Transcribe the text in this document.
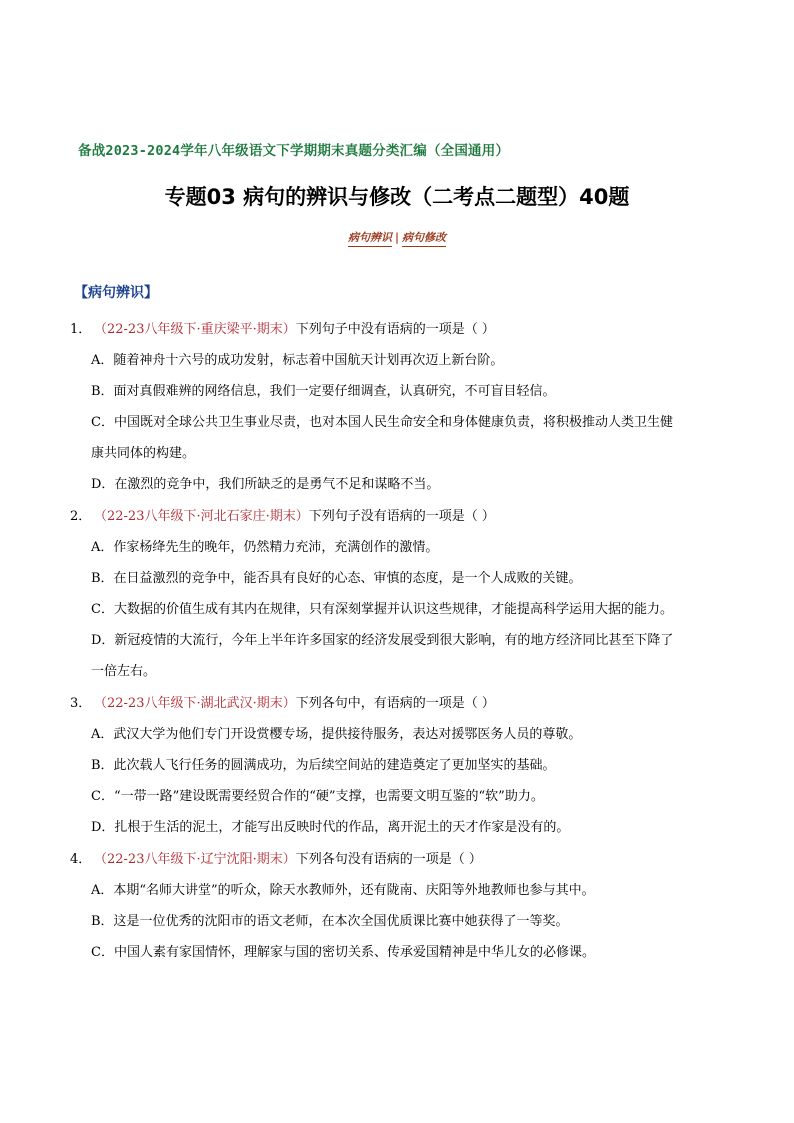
备战2023-2024学年八年级语文下学期期末真题分类汇编（全国通用）
专题03 病句的辨识与修改（二考点二题型）40题
病句辨识 | 病句修改
【病句辨识】
1． （22-23八年级下·重庆梁平·期末）下列句子中没有语病的一项是（ ）
A．随着神舟十六号的成功发射，标志着中国航天计划再次迈上新台阶。
B．面对真假难辨的网络信息，我们一定要仔细调查，认真研究，不可盲目轻信。
C．中国既对全球公共卫生事业尽责，也对本国人民生命安全和身体健康负责，将积极推动人类卫生健
康共同体的构建。
D．在激烈的竞争中，我们所缺乏的是勇气不足和谋略不当。
2． （22-23八年级下·河北石家庄·期末）下列句子没有语病的一项是（ ）
A．作家杨绛先生的晚年，仍然精力充沛，充满创作的激情。
B．在日益激烈的竞争中，能否具有良好的心态、审慎的态度，是一个人成败的关键。
C．大数据的价值生成有其内在规律，只有深刻掌握并认识这些规律，才能提高科学运用大据的能力。
D．新冠疫情的大流行，今年上半年许多国家的经济发展受到很大影响，有的地方经济同比甚至下降了
一倍左右。
3． （22-23八年级下·湖北武汉·期末）下列各句中，有语病的一项是（ ）
A．武汉大学为他们专门开设赏樱专场，提供接待服务，表达对援鄂医务人员的尊敬。
B．此次载人飞行任务的圆满成功，为后续空间站的建造奠定了更加坚实的基础。
C．“一带一路”建设既需要经贸合作的“硬”支撑，也需要文明互鉴的“软”助力。
D．扎根于生活的泥土，才能写出反映时代的作品，离开泥土的天才作家是没有的。
4． （22-23八年级下·辽宁沈阳·期末）下列各句没有语病的一项是（ ）
A．本期“名师大讲堂”的听众，除天水教师外，还有陇南、庆阳等外地教师也参与其中。
B．这是一位优秀的沈阳市的语文老师，在本次全国优质课比赛中她获得了一等奖。
C．中国人素有家国情怀，理解家与国的密切关系、传承爱国精神是中华儿女的必修课。
